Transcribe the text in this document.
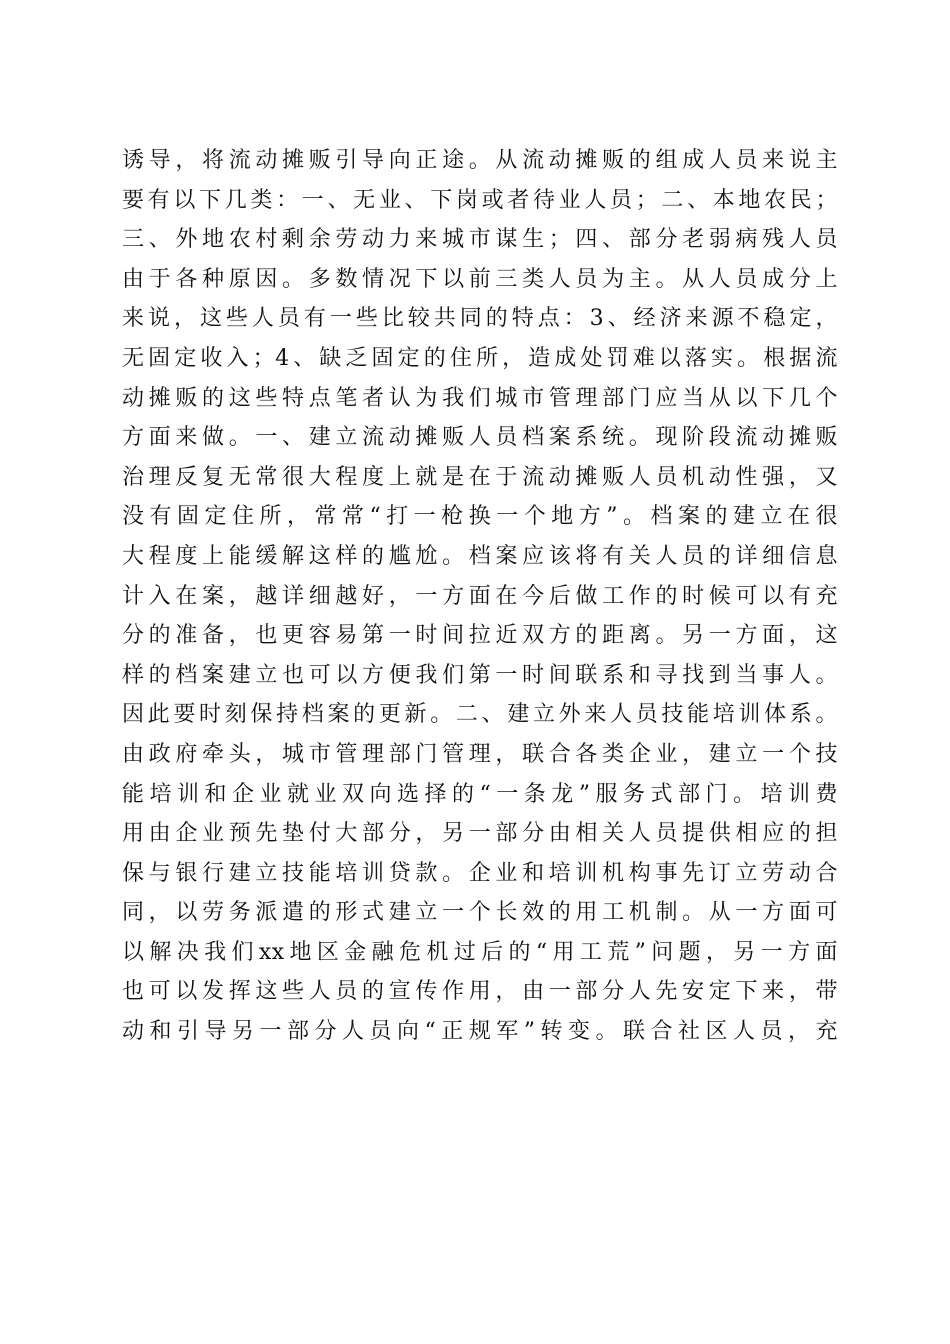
诱导，将流动摊贩引导向正途。从流动摊贩的组成人员来说主
要有以下几类：一、无业、下岗或者待业人员；二、本地农民；
三、外地农村剩余劳动力来城市谋生；四、部分老弱病残人员
由于各种原因。多数情况下以前三类人员为主。从人员成分上
来说，这些人员有一些比较共同的特点：3、经济来源不稳定，
无固定收入；4、缺乏固定的住所，造成处罚难以落实。根据流
动摊贩的这些特点笔者认为我们城市管理部门应当从以下几个
方面来做。一、建立流动摊贩人员档案系统。现阶段流动摊贩
治理反复无常很大程度上就是在于流动摊贩人员机动性强，又
没有固定住所，常常“打一枪换一个地方”。档案的建立在很
大程度上能缓解这样的尴尬。档案应该将有关人员的详细信息
计入在案，越详细越好，一方面在今后做工作的时候可以有充
分的准备，也更容易第一时间拉近双方的距离。另一方面，这
样的档案建立也可以方便我们第一时间联系和寻找到当事人。
因此要时刻保持档案的更新。二、建立外来人员技能培训体系。
由政府牵头，城市管理部门管理，联合各类企业，建立一个技
能培训和企业就业双向选择的“一条龙”服务式部门。培训费
用由企业预先垫付大部分，另一部分由相关人员提供相应的担
保与银行建立技能培训贷款。企业和培训机构事先订立劳动合
同，以劳务派遣的形式建立一个长效的用工机制。从一方面可
以解决我们xx地区金融危机过后的“用工荒”问题，另一方面
也可以发挥这些人员的宣传作用，由一部分人先安定下来，带
动和引导另一部分人员向“正规军”转变。联合社区人员，充
